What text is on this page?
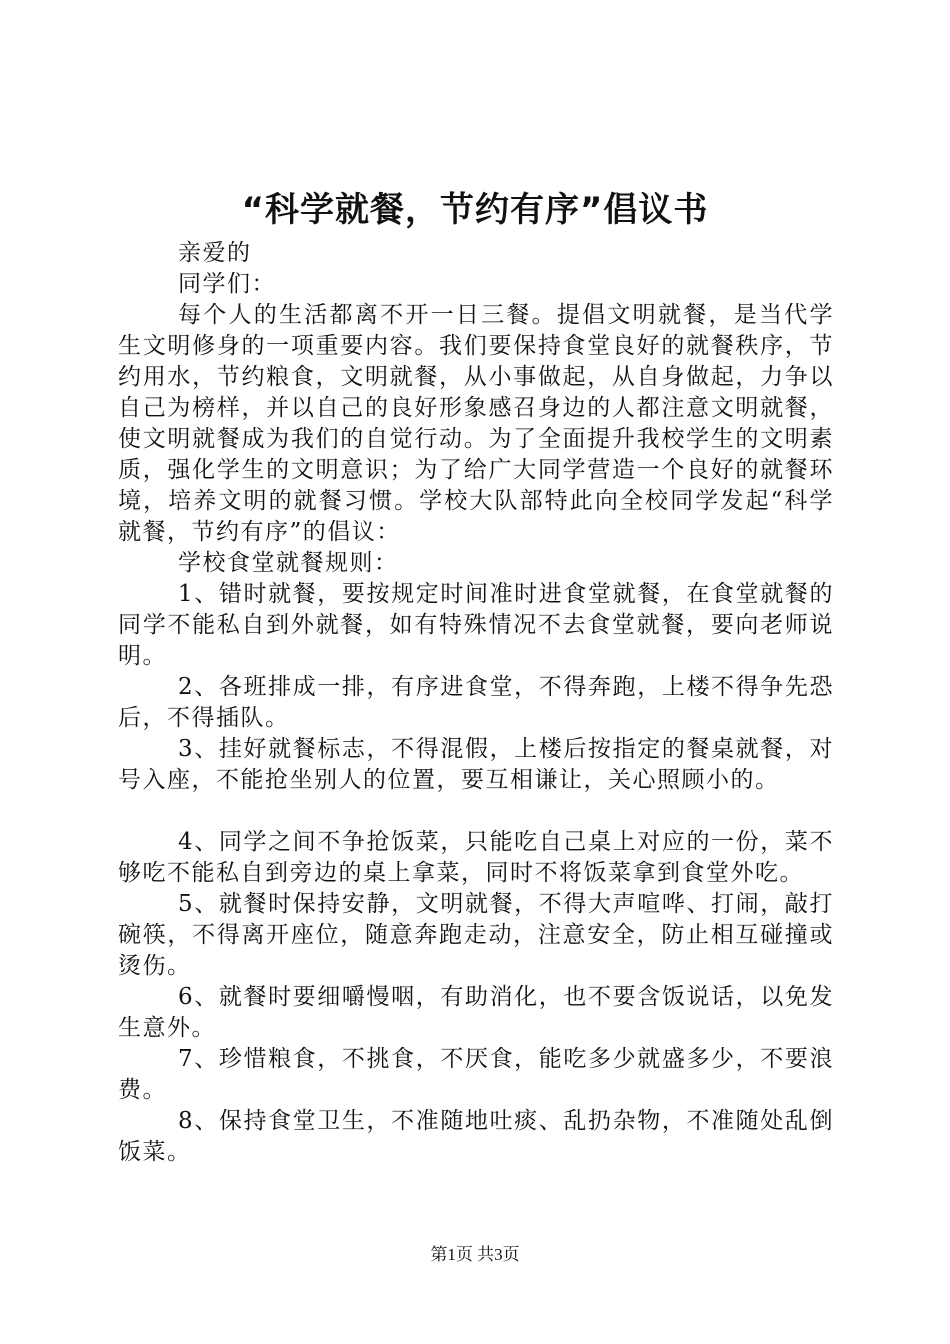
“科学就餐，节约有序”倡议书

亲爱的

同学们：

每个人的生活都离不开一日三餐。提倡文明就餐，是当代学生文明修身的一项重要内容。我们要保持食堂良好的就餐秩序，节约用水，节约粮食，文明就餐，从小事做起，从自身做起，力争以自己为榜样，并以自己的良好形象感召身边的人都注意文明就餐，使文明就餐成为我们的自觉行动。为了全面提升我校学生的文明素质，强化学生的文明意识；为了给广大同学营造一个良好的就餐环境，培养文明的就餐习惯。学校大队部特此向全校同学发起“科学就餐，节约有序”的倡议：

学校食堂就餐规则：

1、错时就餐，要按规定时间准时进食堂就餐，在食堂就餐的同学不能私自到外就餐，如有特殊情况不去食堂就餐，要向老师说明。

2、各班排成一排，有序进食堂，不得奔跑，上楼不得争先恐后，不得插队。

3、挂好就餐标志，不得混假，上楼后按指定的餐桌就餐，对号入座，不能抢坐别人的位置，要互相谦让，关心照顾小的。

4、同学之间不争抢饭菜，只能吃自己桌上对应的一份，菜不够吃不能私自到旁边的桌上拿菜，同时不将饭菜拿到食堂外吃。

5、就餐时保持安静，文明就餐，不得大声喧哗、打闹，敲打碗筷，不得离开座位，随意奔跑走动，注意安全，防止相互碰撞或烫伤。

6、就餐时要细嚼慢咽，有助消化，也不要含饭说话，以免发生意外。

7、珍惜粮食，不挑食，不厌食，能吃多少就盛多少，不要浪费。

8、保持食堂卫生，不准随地吐痰、乱扔杂物，不准随处乱倒饭菜。

第1页 共3页
